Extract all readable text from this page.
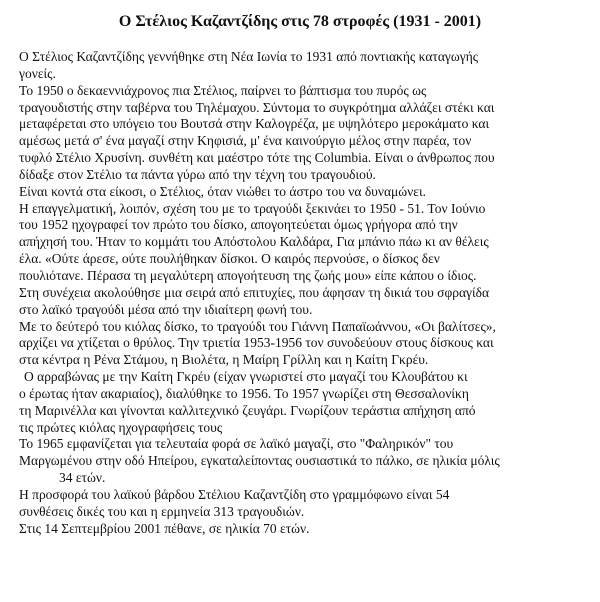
Ο Στέλιος Καζαντζίδης στις 78 στροφές (1931 - 2001)
Ο Στέλιος Καζαντζίδης γεννήθηκε στη Νέα Ιωνία το 1931 από ποντιακής καταγωγής
γονείς.
Το 1950 ο δεκαεννιάχρονος πια Στέλιος, παίρνει το βάπτισμα του πυρός ως
τραγουδιστής στην ταβέρνα του Τηλέμαχου. Σύντομα το συγκρότημα αλλάζει στέκι και
μεταφέρεται στο υπόγειο του Βουτσά στην Καλογρέζα, με υψηλότερο μεροκάματο και
αμέσως μετά σ' ένα μαγαζί στην Κηφισιά, μ' ένα καινούργιο μέλος στην παρέα, τον
τυφλό Στέλιο Χρυσίνη. συνθέτη και μαέστρο τότε της Columbia. Είναι ο άνθρωπος που
δίδαξε στον Στέλιο τα πάντα γύρω από την τέχνη του τραγουδιού.
Είναι κοντά στα είκοσι, ο Στέλιος, όταν νιώθει το άστρο του να δυναμώνει.
Η επαγγελματική, λοιπόν, σχέση του με το τραγούδι ξεκινάει το 1950 - 51. Τον Ιούνιο
του 1952 ηχογραφεί τον πρώτο του δίσκο, απογοητεύεται όμως γρήγορα από την
απήχησή του. Ήταν το κομμάτι του Απόστολου Καλδάρα, Για μπάνιο πάω κι αν θέλεις
έλα. «Ούτε άρεσε, ούτε πουλήθηκαν δίσκοι. Ο καιρός περνούσε, ο δίσκος δεν
πουλιότανε. Πέρασα τη μεγαλύτερη απογοήτευση της ζωής μου» είπε κάπου ο ίδιος.
Στη συνέχεια ακολούθησε μια σειρά από επιτυχίες, που άφησαν τη δικιά του σφραγίδα
στο λαϊκό τραγούδι μέσα από την ιδιαίτερη φωνή του.
Με το δεύτερό του κιόλας δίσκο, το τραγούδι του Γιάννη Παπαϊωάννου, «Οι βαλίτσες»,
αρχίζει να χτίζεται ο θρύλος. Την τριετία 1953-1956 τον συνοδεύουν στους δίσκους και
στα κέντρα η Ρένα Στάμου, η Βιολέτα, η Μαίρη Γρίλλη και η Καίτη Γκρέυ.
Ο αρραβώνας με την Καίτη Γκρέυ (είχαν γνωριστεί στο μαγαζί του Κλουβάτου κι
ο έρωτας ήταν ακαριαίος), διαλύθηκε το 1956. Το 1957 γνωρίζει στη Θεσσαλονίκη
τη Μαρινέλλα και γίνονται καλλιτεχνικό ζευγάρι. Γνωρίζουν τεράστια απήχηση από
τις πρώτες κιόλας ηχογραφήσεις τους
Το 1965 εμφανίζεται για τελευταία φορά σε λαϊκό μαγαζί, στο "Φαληρικόν" του
Μαργωμένου στην οδό Ηπείρου, εγκαταλείποντας ουσιαστικά το πάλκο, σε ηλικία μόλις
34 ετών.
Η προσφορά του λαϊκού βάρδου Στέλιου Καζαντζίδη στο γραμμόφωνο είναι 54
συνθέσεις δικές του και η ερμηνεία 313 τραγουδιών.
Στις 14 Σεπτεμβρίου 2001 πέθανε, σε ηλικία 70 ετών.
